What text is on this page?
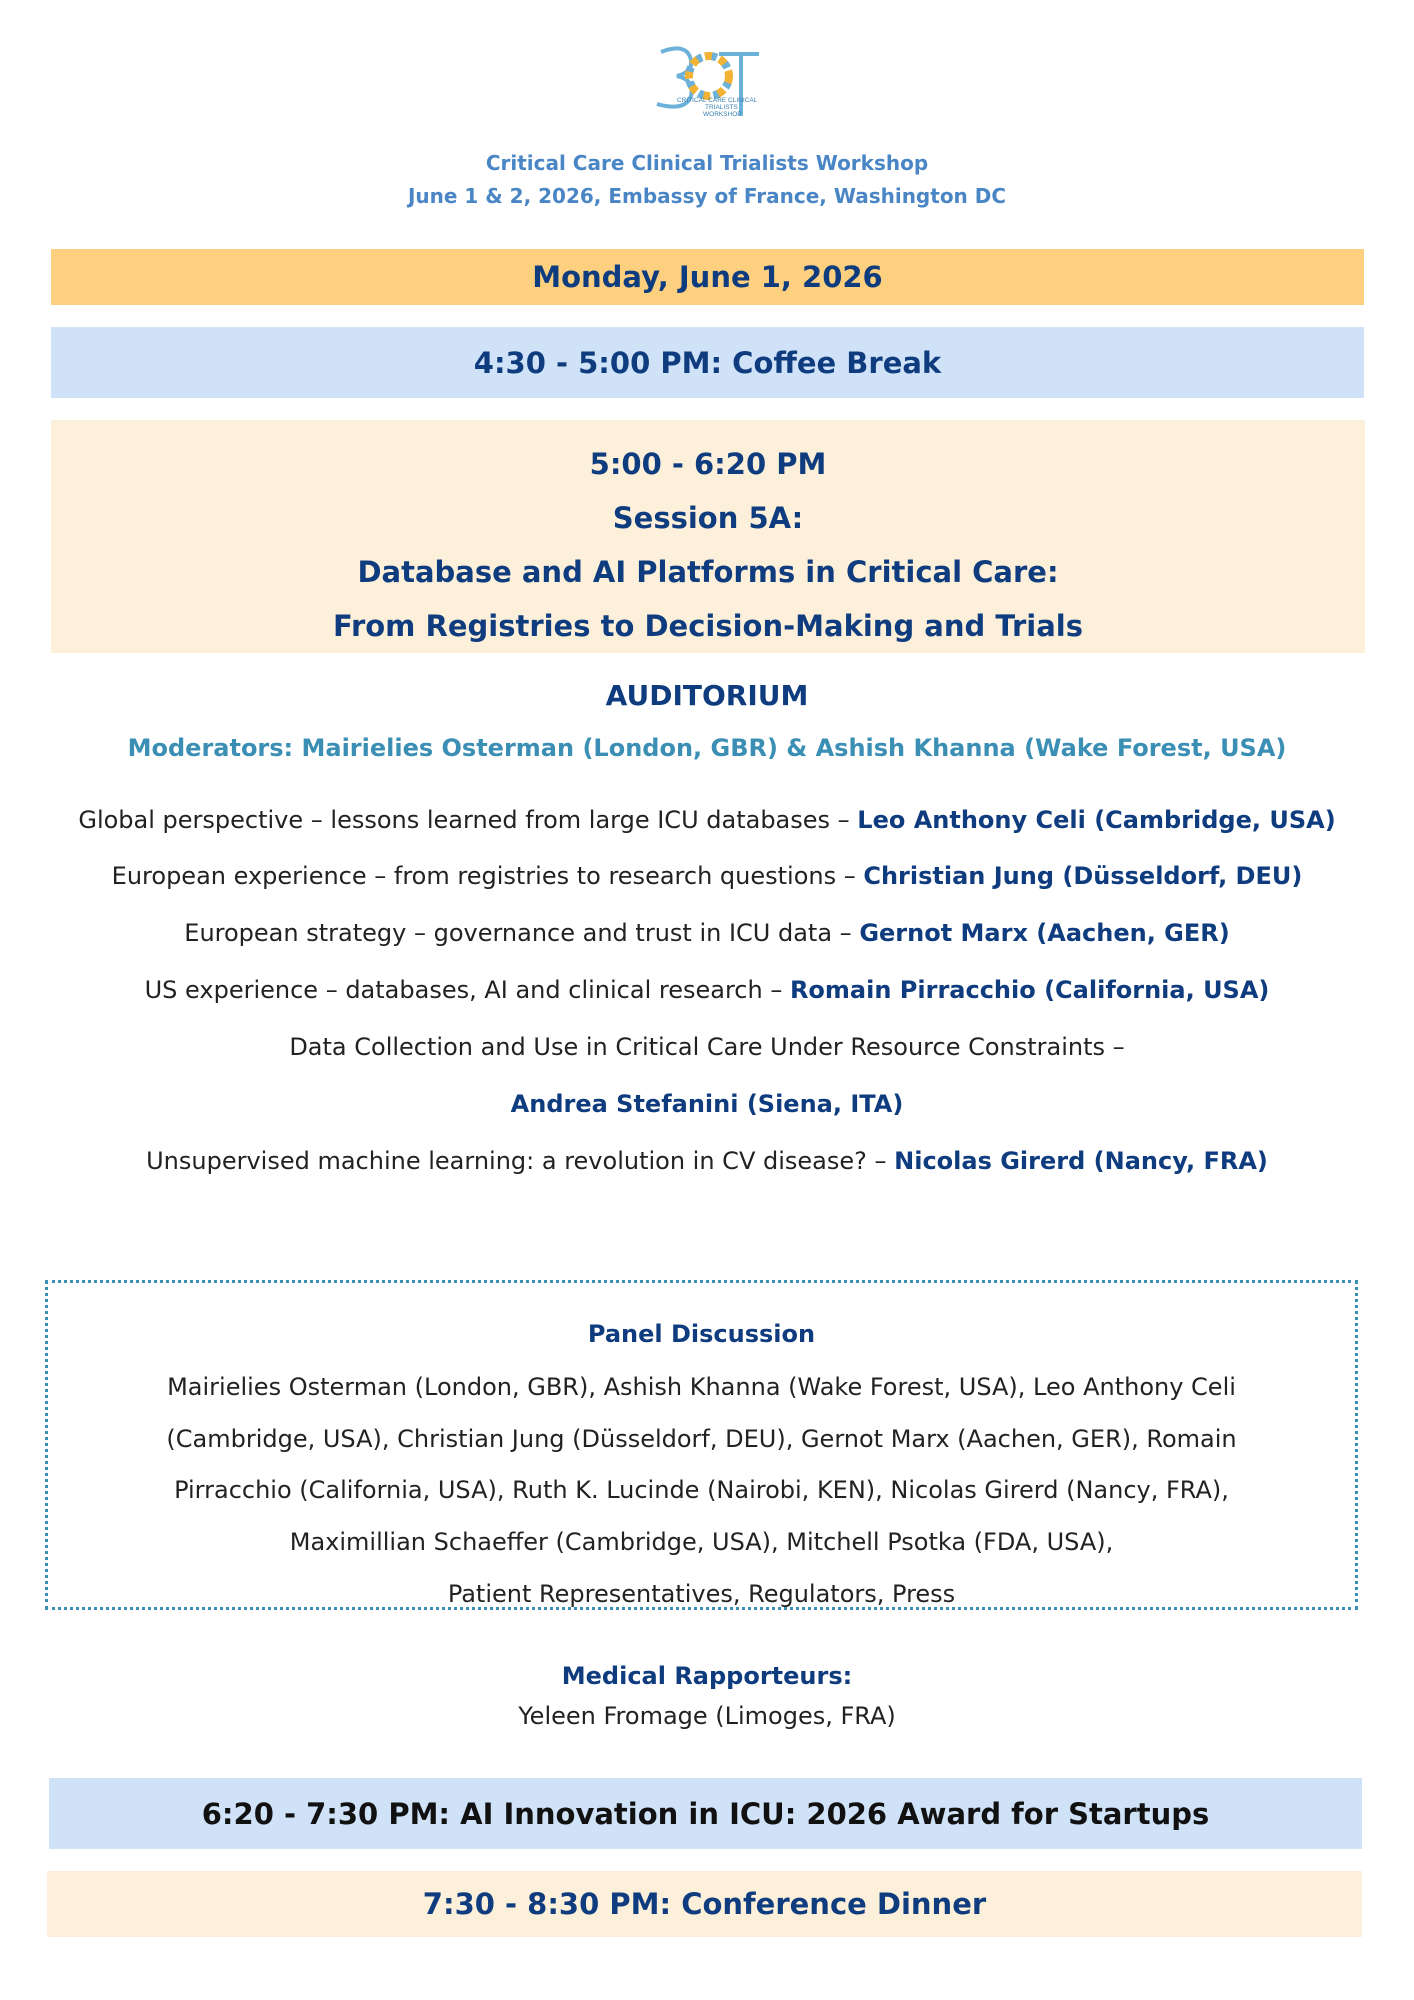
CRITICAL CARE CLINICAL
TRIALISTS
WORKSHOP
Critical Care Clinical Trialists Workshop
June 1 & 2, 2026, Embassy of France, Washington DC
Monday, June 1, 2026
4:30 - 5:00 PM: Coffee Break
5:00 - 6:20 PM
Session 5A:
Database and AI Platforms in Critical Care:
From Registries to Decision-Making and Trials
AUDITORIUM
Moderators: Mairielies Osterman (London, GBR) & Ashish Khanna (Wake Forest, USA)
Global perspective – lessons learned from large ICU databases – Leo Anthony Celi (Cambridge, USA)
European experience – from registries to research questions – Christian Jung (Düsseldorf, DEU)
European strategy – governance and trust in ICU data – Gernot Marx (Aachen, GER)
US experience – databases, AI and clinical research – Romain Pirracchio (California, USA)
Data Collection and Use in Critical Care Under Resource Constraints –
Andrea Stefanini (Siena, ITA)
Unsupervised machine learning: a revolution in CV disease? – Nicolas Girerd (Nancy, FRA)
Panel Discussion
Mairielies Osterman (London, GBR), Ashish Khanna (Wake Forest, USA), Leo Anthony Celi
(Cambridge, USA), Christian Jung (Düsseldorf, DEU), Gernot Marx (Aachen, GER), Romain
Pirracchio (California, USA), Ruth K. Lucinde (Nairobi, KEN), Nicolas Girerd (Nancy, FRA),
Maximillian Schaeffer (Cambridge, USA), Mitchell Psotka (FDA, USA),
Patient Representatives, Regulators, Press
Medical Rapporteurs:
Yeleen Fromage (Limoges, FRA)
6:20 - 7:30 PM: AI Innovation in ICU: 2026 Award for Startups
7:30 - 8:30 PM: Conference Dinner
